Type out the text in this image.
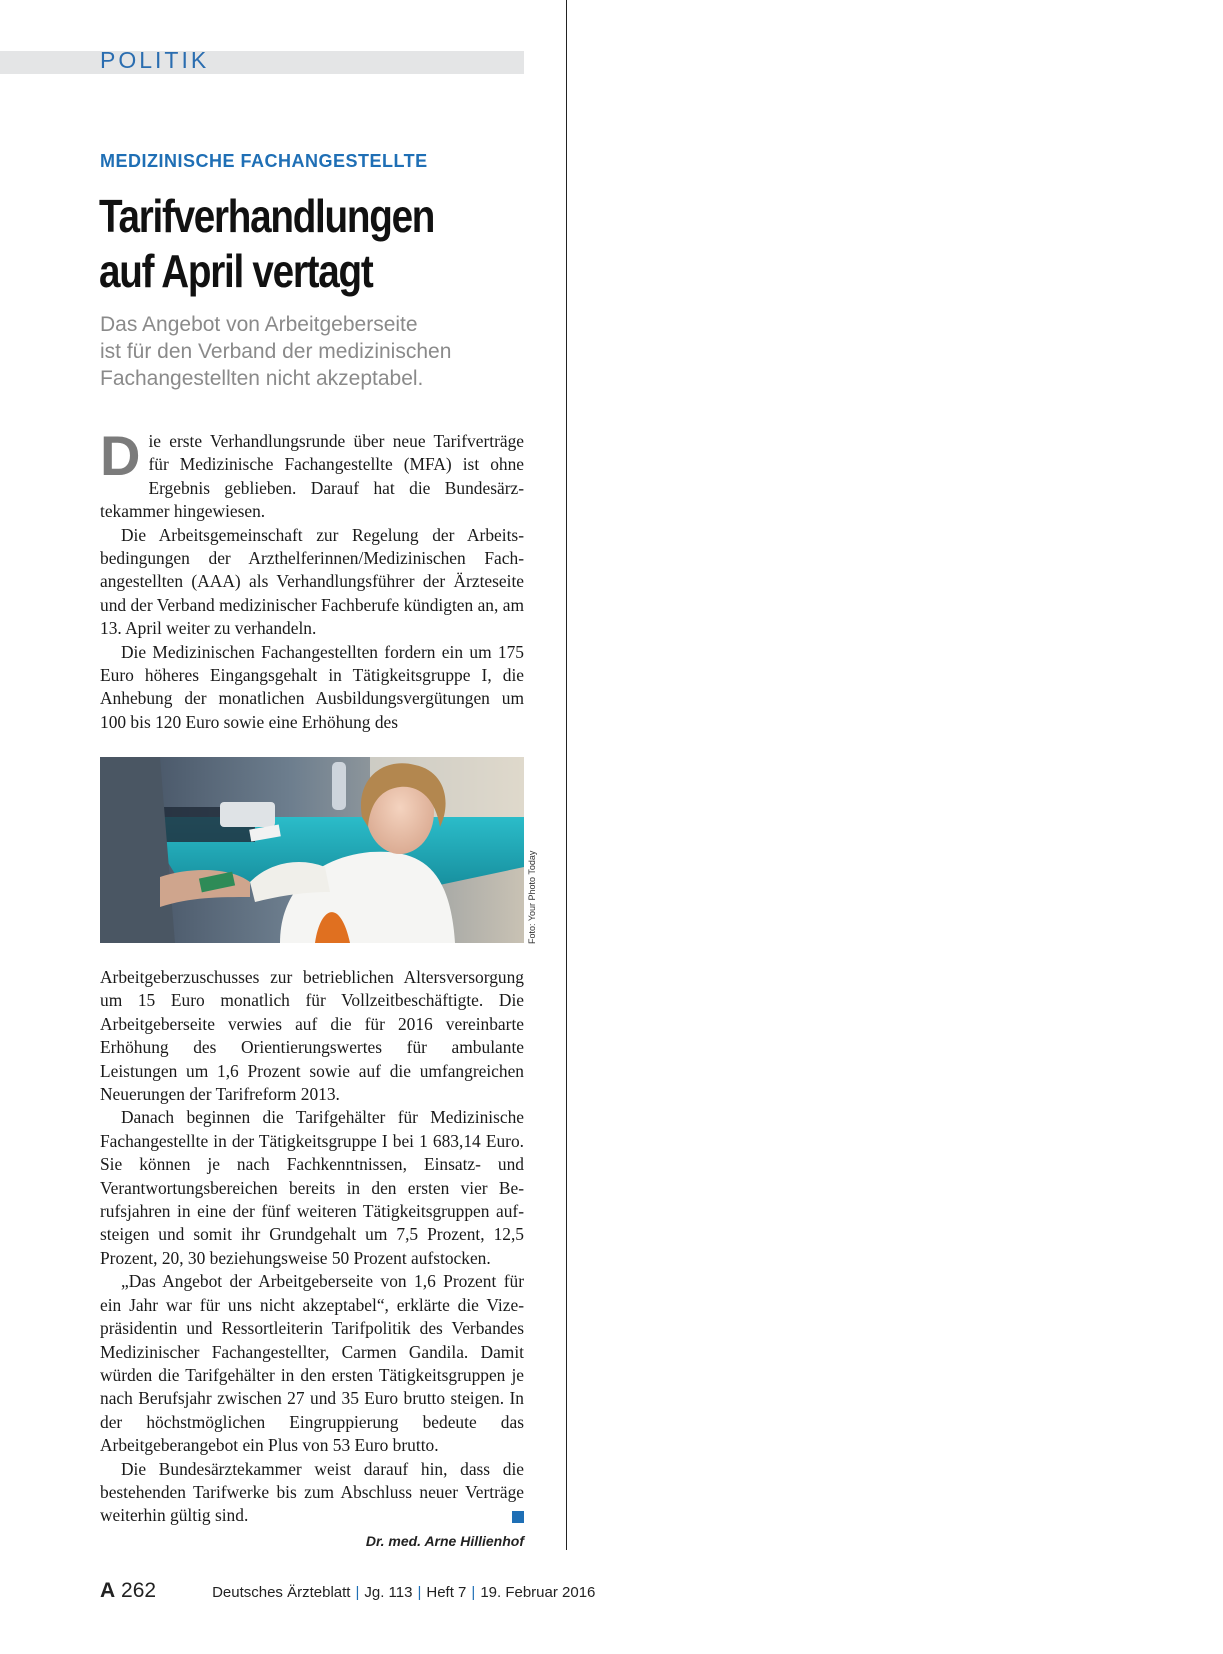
POLITIK
MEDIZINISCHE FACHANGESTELLTE
Tarifverhandlungen
auf April vertagt
Das Angebot von Arbeitgeberseite
ist für den Verband der medizinischen
Fachangestellten nicht akzeptabel.

Die erste Verhandlungsrunde über neue Tarifverträge für Medizinische Fachangestellte (MFA) ist ohne Ergebnis geblieben. Darauf hat die Bundesärztekammer hingewiesen.

Die Arbeitsgemeinschaft zur Regelung der Arbeitsbedingungen der Arzthelferinnen/Medizinischen Fachangestellten (AAA) als Verhandlungsführer der Ärzteseite und der Verband medizinischer Fachberufe kündigten an, am 13. April weiter zu verhandeln.

Die Medizinischen Fachangestellten fordern ein um 175 Euro höheres Eingangsgehalt in Tätigkeitsgruppe I, die Anhebung der monatlichen Ausbildungsvergütungen um 100 bis 120 Euro sowie eine Erhöhung des

Foto: Your Photo Today

Arbeitgeberzuschusses zur betrieblichen Altersversorgung um 15 Euro monatlich für Vollzeitbeschäftigte. Die Arbeitgeberseite verwies auf die für 2016 vereinbarte Erhöhung des Orientierungswertes für ambulante Leistungen um 1,6 Prozent sowie auf die umfangreichen Neuerungen der Tarifreform 2013.

Danach beginnen die Tarifgehälter für Medizinische Fachangestellte in der Tätigkeitsgruppe I bei 1 683,14 Euro. Sie können je nach Fachkenntnissen, Einsatz- und Verantwortungsbereichen bereits in den ersten vier Berufsjahren in eine der fünf weiteren Tätigkeitsgruppen aufsteigen und somit ihr Grundgehalt um 7,5 Prozent, 12,5 Prozent, 20, 30 beziehungsweise 50 Prozent aufstocken.

„Das Angebot der Arbeitgeberseite von 1,6 Prozent für ein Jahr war für uns nicht akzeptabel“, erklärte die Vizepräsidentin und Ressortleiterin Tarifpolitik des Verbandes Medizinischer Fachangestellter, Carmen Gandila. Damit würden die Tarifgehälter in den ersten Tätigkeitsgruppen je nach Berufsjahr zwischen 27 und 35 Euro brutto steigen. In der höchstmöglichen Eingruppierung bedeute das Arbeitgeberangebot ein Plus von 53 Euro brutto.

Die Bundesärztekammer weist darauf hin, dass die bestehenden Tarifwerke bis zum Abschluss neuer Verträge weiterhin gültig sind.

Dr. med. Arne Hillienhof
A 262	Deutsches Ärzteblatt | Jg. 113 | Heft 7 | 19. Februar 2016
